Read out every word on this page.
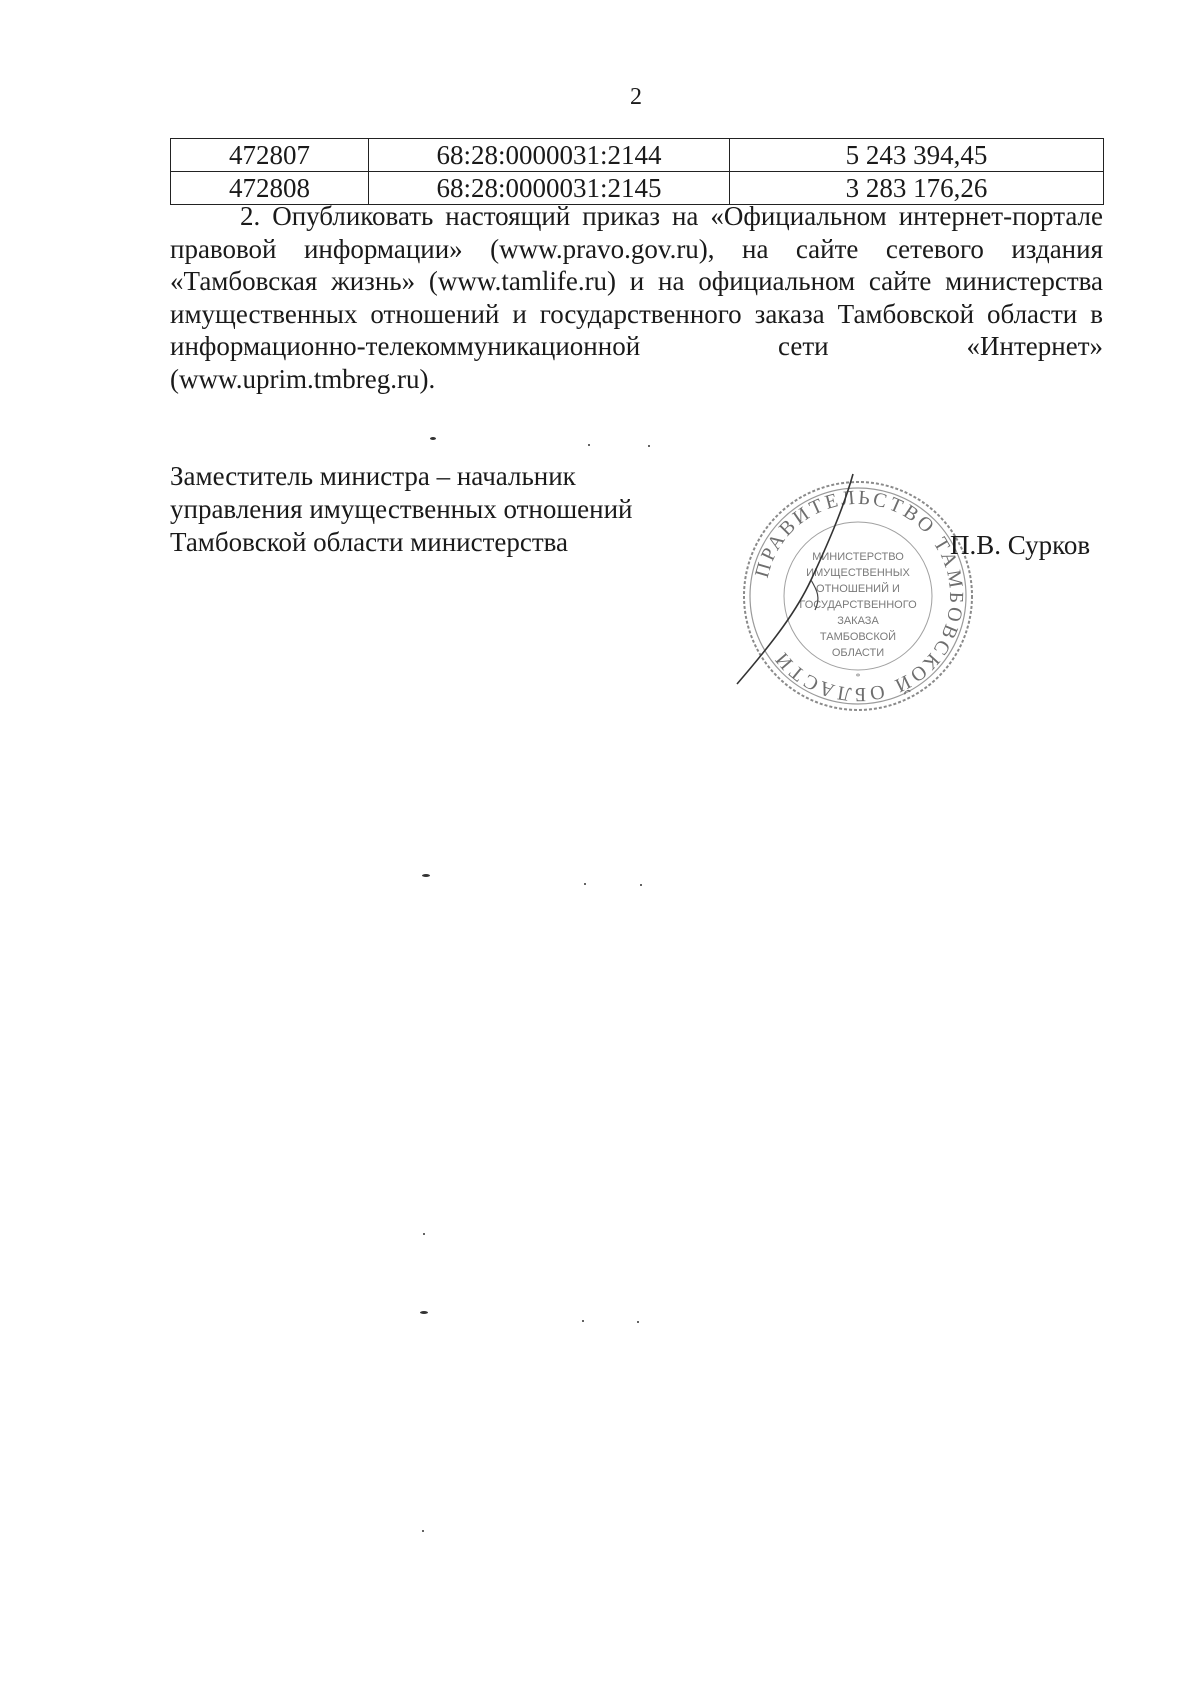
2
472807	68:28:0000031:2144	5 243 394,45
472808	68:28:0000031:2145	3 283 176,26

2. Опубликовать настоящий приказ на «Официальном интернет-портале правовой информации» (www.pravo.gov.ru), на сайте сетевого издания «Тамбовская жизнь» (www.tamlife.ru) и на официальном сайте министерства имущественных отношений и государственного заказа Тамбовской области в информационно-телекоммуникационной сети «Интернет» (www.uprim.tmbreg.ru).

Заместитель министра – начальник
управления имущественных отношений
Тамбовской области министерства
ПРАВИТЕЛЬСТВО ТАМБОВСКОЙ ОБЛАСТИ
МИНИСТЕРСТВО
ИМУЩЕСТВЕННЫХ
ОТНОШЕНИЙ И
ГОСУДАРСТВЕННОГО
ЗАКАЗА
ТАМБОВСКОЙ
ОБЛАСТИ
*
П.В. Сурков
